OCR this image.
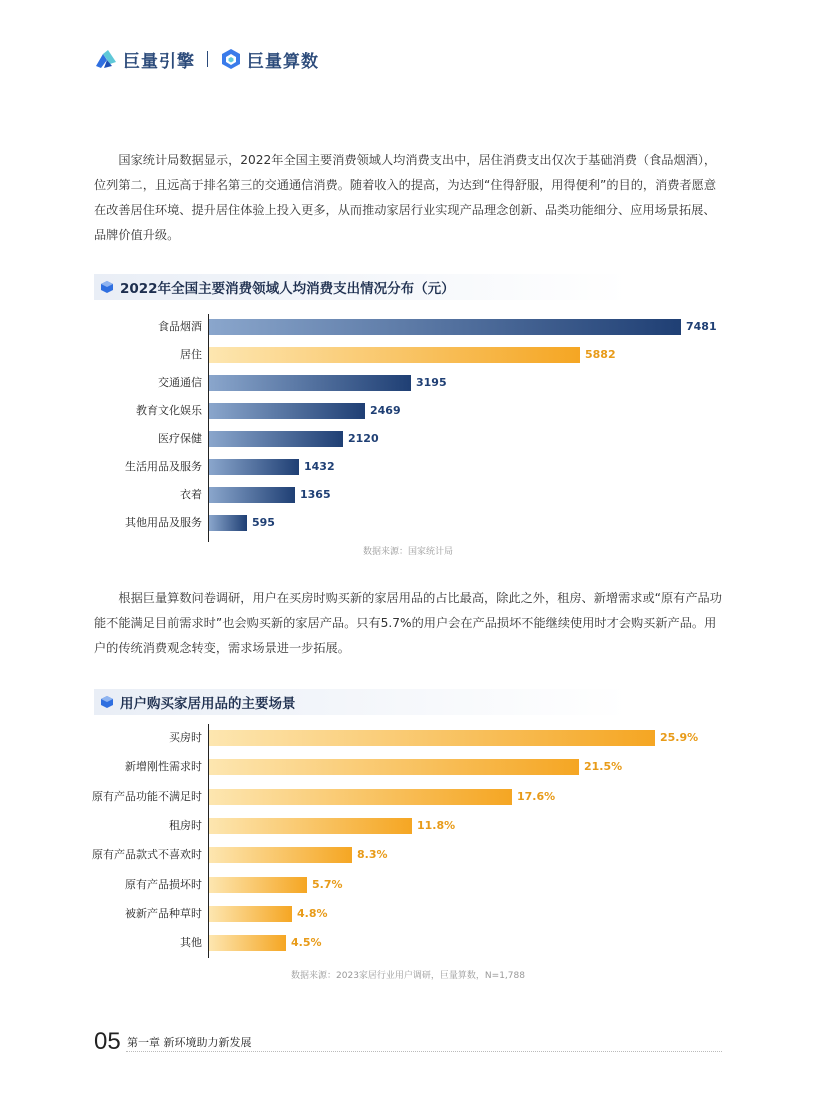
巨量引擎	巨量算数

国家统计局数据显示，2022年全国主要消费领域人均消费支出中，居住消费支出仅次于基础消费（食品烟酒），位列第二，且远高于排名第三的交通通信消费。随着收入的提高，为达到“住得舒服，用得便利”的目的，消费者愿意在改善居住环境、提升居住体验上投入更多，从而推动家居行业实现产品理念创新、品类功能细分、应用场景拓展、品牌价值升级。

2022年全国主要消费领域人均消费支出情况分布（元）
食品烟酒	7481
居住	5882
交通通信	3195
教育文化娱乐	2469
医疗保健	2120
生活用品及服务	1432
衣着	1365
其他用品及服务	595
数据来源：国家统计局

根据巨量算数问卷调研，用户在买房时购买新的家居用品的占比最高，除此之外，租房、新增需求或“原有产品功能不能满足目前需求时”也会购买新的家居产品。只有5.7%的用户会在产品损坏不能继续使用时才会购买新产品。用户的传统消费观念转变，需求场景进一步拓展。

用户购买家居用品的主要场景
买房时	25.9%
新增刚性需求时	21.5%
原有产品功能不满足时	17.6%
租房时	11.8%
原有产品款式不喜欢时	8.3%
原有产品损坏时	5.7%
被新产品种草时	4.8%
其他	4.5%
数据来源：2023家居行业用户调研，巨量算数，N=1,788
05 第一章 新环境助力新发展
